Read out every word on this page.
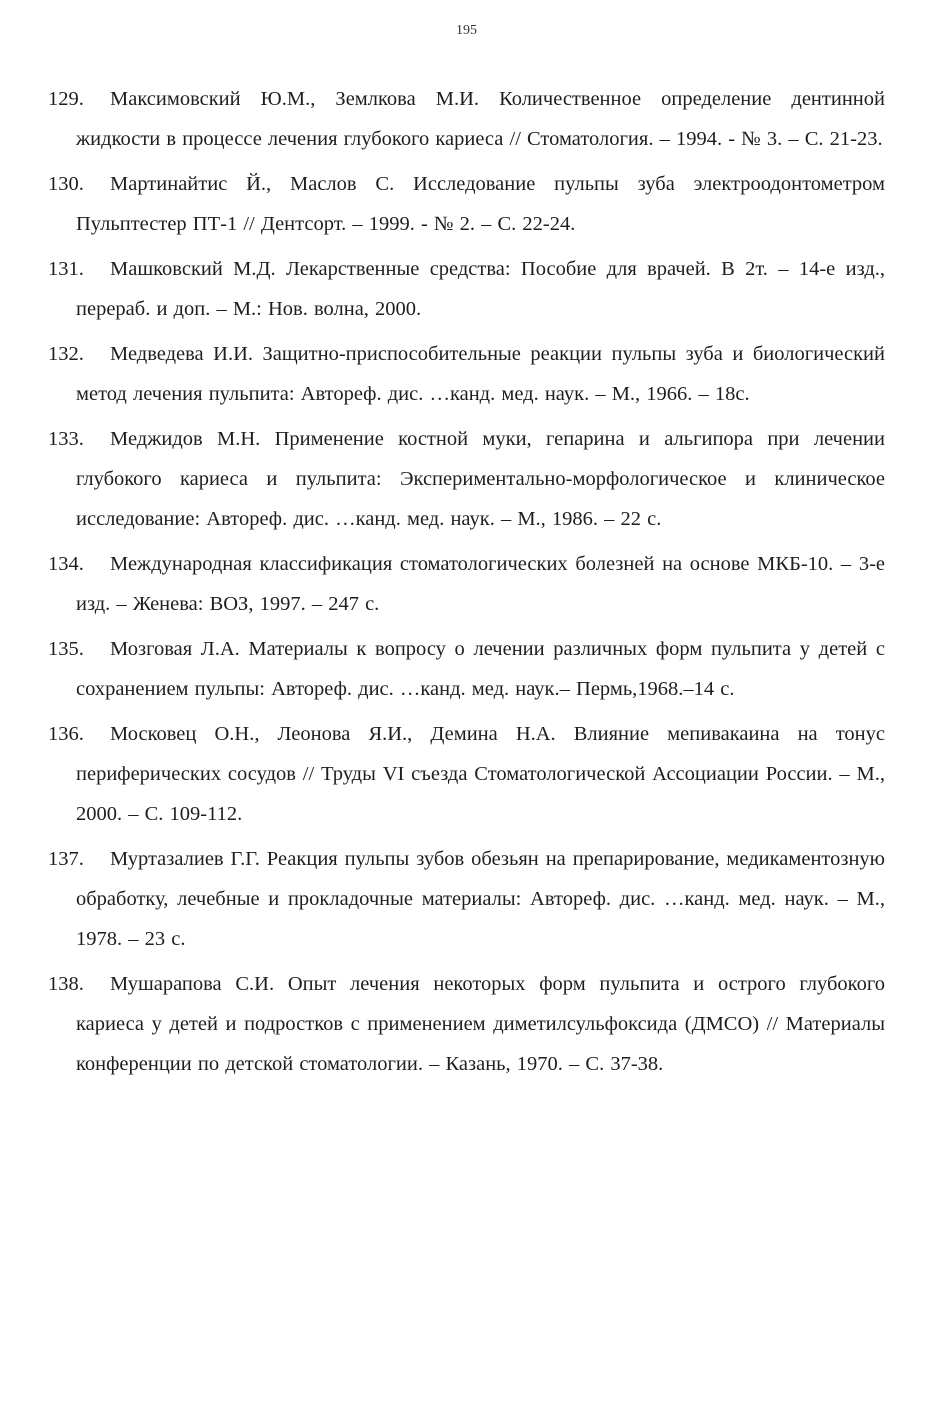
195
129.	Максимовский Ю.М., Землкова М.И. Количественное определение дентинной жидкости в процессе лечения глубокого кариеса // Стоматология. – 1994. - № 3. – С. 21-23.
130.	Мартинайтис Й., Маслов С. Исследование пульпы зуба электроодонтометром Пульптестер ПТ-1 // Дентсорт. – 1999. - № 2. – С. 22-24.
131.	Машковский М.Д. Лекарственные средства: Пособие для врачей. В 2т. – 14-е изд., перераб. и доп. – М.: Нов. волна, 2000.
132.	Медведева И.И. Защитно-приспособительные реакции пульпы зуба и биологический метод лечения пульпита: Автореф. дис. …канд. мед. наук. – М., 1966. – 18с.
133.	Меджидов М.Н. Применение костной муки, гепарина и альгипора при лечении глубокого кариеса и пульпита: Экспериментально-морфологическое и клиническое исследование: Автореф. дис. …канд. мед. наук. – М., 1986. – 22 с.
134.	Международная классификация стоматологических болезней на основе МКБ-10. – 3-е изд. – Женева: ВОЗ, 1997. – 247 с.
135.	Мозговая Л.А. Материалы к вопросу о лечении различных форм пульпита у детей с сохранением пульпы: Автореф. дис. …канд. мед. наук.– Пермь,1968.–14 с.
136.	Московец О.Н., Леонова Я.И., Демина Н.А. Влияние мепивакаина на тонус периферических сосудов // Труды VI съезда Стоматологической Ассоциации России. – М., 2000. – С. 109-112.
137.	Муртазалиев Г.Г. Реакция пульпы зубов обезьян на препарирование, медикаментозную обработку, лечебные и прокладочные материалы: Автореф. дис. …канд. мед. наук. – М., 1978. – 23 с.
138.	Мушарапова С.И. Опыт лечения некоторых форм пульпита и острого глубокого кариеса у детей и подростков с применением диметилсульфоксида (ДМСО) // Материалы конференции по детской стоматологии. – Казань, 1970. – С. 37-38.
